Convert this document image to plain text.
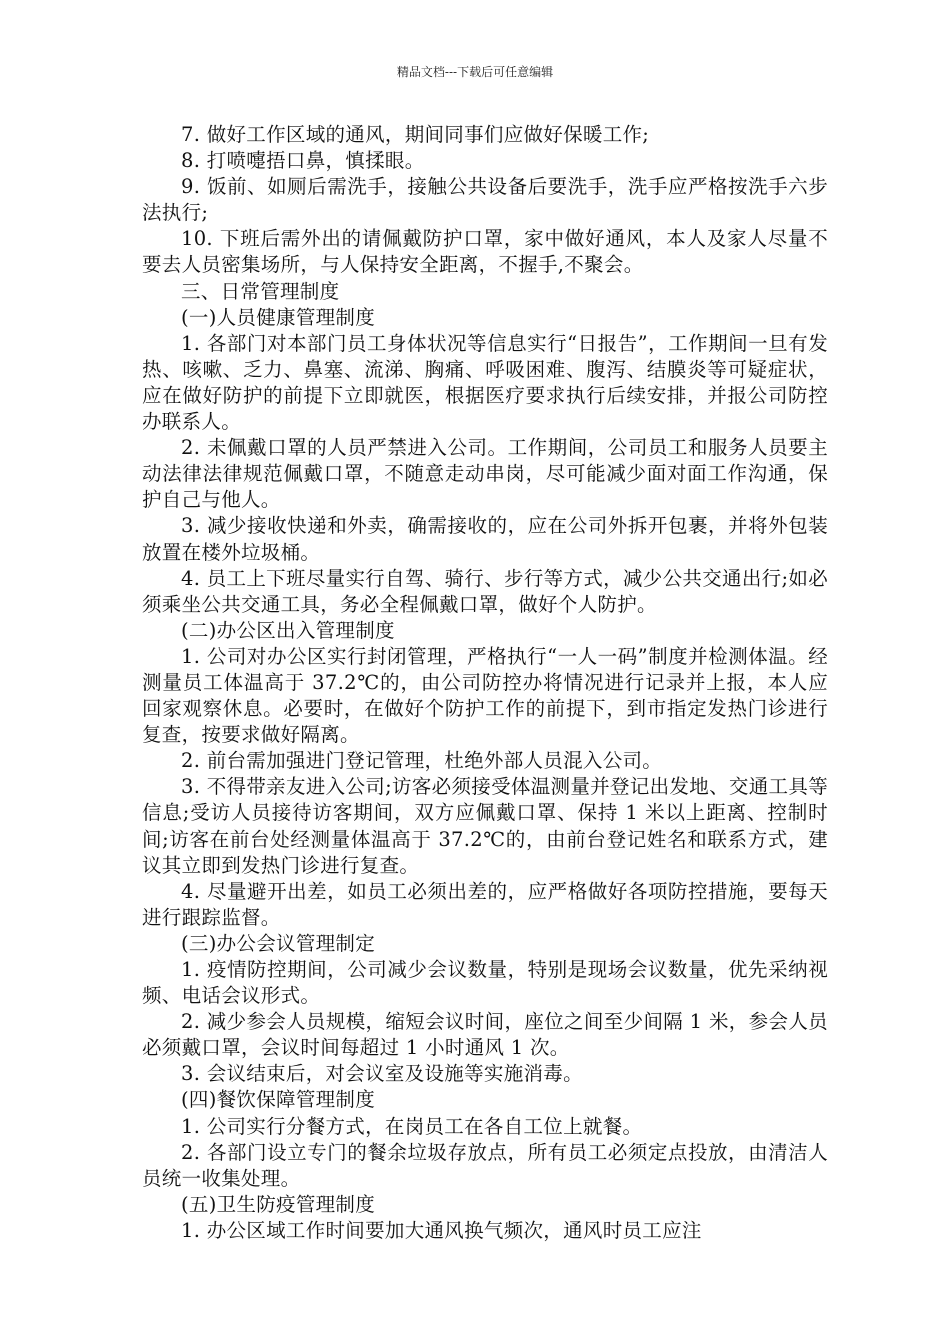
精品文档---下载后可任意编辑

7. 做好工作区域的通风，期间同事们应做好保暖工作;

8. 打喷嚏捂口鼻，慎揉眼。

9. 饭前、如厕后需洗手，接触公共设备后要洗手，洗手应严格按洗手六步法执行;

10. 下班后需外出的请佩戴防护口罩，家中做好通风，本人及家人尽量不要去人员密集场所，与人保持安全距离，不握手,不聚会。

三、日常管理制度

(一)人员健康管理制度

1. 各部门对本部门员工身体状况等信息实行“日报告”，工作期间一旦有发热、咳嗽、乏力、鼻塞、流涕、胸痛、呼吸困难、腹泻、结膜炎等可疑症状，应在做好防护的前提下立即就医，根据医疗要求执行后续安排，并报公司防控办联系人。

2. 未佩戴口罩的人员严禁进入公司。工作期间，公司员工和服务人员要主动法律法律规范佩戴口罩，不随意走动串岗，尽可能减少面对面工作沟通，保护自己与他人。

3. 减少接收快递和外卖，确需接收的，应在公司外拆开包裹，并将外包装放置在楼外垃圾桶。

4. 员工上下班尽量实行自驾、骑行、步行等方式，减少公共交通出行;如必须乘坐公共交通工具，务必全程佩戴口罩，做好个人防护。

(二)办公区出入管理制度

1. 公司对办公区实行封闭管理，严格执行“一人一码”制度并检测体温。经测量员工体温高于 37.2℃的，由公司防控办将情况进行记录并上报，本人应回家观察休息。必要时，在做好个防护工作的前提下，到市指定发热门诊进行复查，按要求做好隔离。

2. 前台需加强进门登记管理，杜绝外部人员混入公司。

3. 不得带亲友进入公司;访客必须接受体温测量并登记出发地、交通工具等信息;受访人员接待访客期间，双方应佩戴口罩、保持 1 米以上距离、控制时间;访客在前台处经测量体温高于 37.2℃的，由前台登记姓名和联系方式，建议其立即到发热门诊进行复查。

4. 尽量避开出差，如员工必须出差的，应严格做好各项防控措施，要每天进行跟踪监督。

(三)办公会议管理制定

1. 疫情防控期间，公司减少会议数量，特别是现场会议数量，优先采纳视频、电话会议形式。

2. 减少参会人员规模，缩短会议时间，座位之间至少间隔 1 米，参会人员必须戴口罩，会议时间每超过 1 小时通风 1 次。

3. 会议结束后，对会议室及设施等实施消毒。

(四)餐饮保障管理制度

1. 公司实行分餐方式，在岗员工在各自工位上就餐。

2. 各部门设立专门的餐余垃圾存放点，所有员工必须定点投放，由清洁人员统一收集处理。

(五)卫生防疫管理制度

1. 办公区域工作时间要加大通风换气频次，通风时员工应注
